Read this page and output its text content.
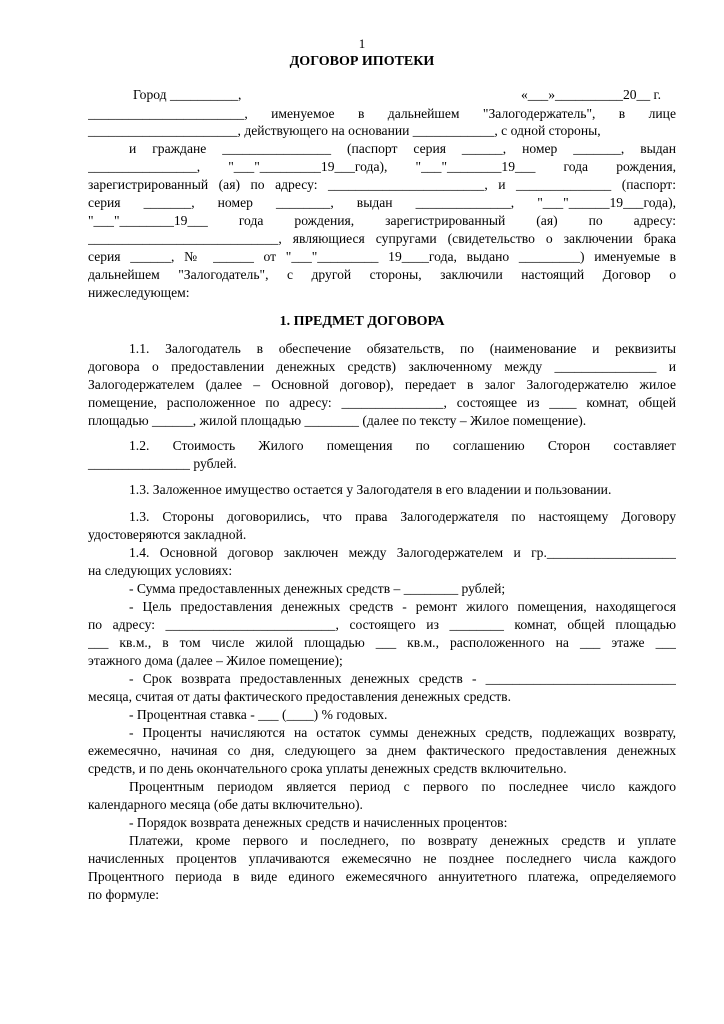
1
ДОГОВОР ИПОТЕКИ
Город __________,	«___»__________20__ г.
_______________________, именуемое в дальнейшем "Залогодержатель", в лице
______________________, действующего на основании ____________, с одной стороны,
и граждане ________________ (паспорт серия ______, номер _______, выдан
________________, "___"_________19___года), "___"________19___ года рождения,
зарегистрированный (ая) по адресу: _______________________, и ______________ (паспорт:
серия _______, номер ________, выдан ______________, "___"______19___года),
"___"________19___ года рождения, зарегистрированный (ая) по адресу:
____________________________, являющиеся супругами (свидетельство о заключении брака
серия ______, № ______ от "___"_________ 19____года, выдано _________) именуемые в
дальнейшем "Залогодатель", с другой стороны, заключили настоящий Договор о
нижеследующем:
1. ПРЕДМЕТ ДОГОВОРА
1.1. Залогодатель в обеспечение обязательств, по (наименование и реквизиты
договора о предоставлении денежных средств) заключенному между _______________ и
Залогодержателем (далее – Основной договор), передает в залог Залогодержателю жилое
помещение, расположенное по адресу: _______________, состоящее из ____ комнат, общей
площадью ______, жилой площадью ________ (далее по тексту – Жилое помещение).
1.2. Стоимость Жилого помещения по соглашению Сторон составляет
_______________ рублей.
1.3. Заложенное имущество остается у Залогодателя в его владении и пользовании.
1.3. Стороны договорились, что права Залогодержателя по настоящему Договору
удостоверяются закладной.
1.4. Основной договор заключен между Залогодержателем и гр.___________________
на следующих условиях:
- Сумма предоставленных денежных средств – ________ рублей;
- Цель предоставления денежных средств - ремонт жилого помещения, находящегося
по адресу: _________________________, состоящего из ________ комнат, общей площадью
___ кв.м., в том числе жилой площадью ___ кв.м., расположенного на ___ этаже ___
этажного дома (далее – Жилое помещение);
- Срок возврата предоставленных денежных средств - ____________________________
месяца, считая от даты фактического предоставления денежных средств.
- Процентная ставка - ___ (____) % годовых.
- Проценты начисляются на остаток суммы денежных средств, подлежащих возврату,
ежемесячно, начиная со дня, следующего за днем фактического предоставления денежных
средств, и по день окончательного срока уплаты денежных средств включительно.
Процентным периодом является период с первого по последнее число каждого
календарного месяца (обе даты включительно).
- Порядок возврата денежных средств и начисленных процентов:
Платежи, кроме первого и последнего, по возврату денежных средств и уплате
начисленных процентов уплачиваются ежемесячно не позднее последнего числа каждого
Процентного периода в виде единого ежемесячного аннуитетного платежа, определяемого
по формуле:
